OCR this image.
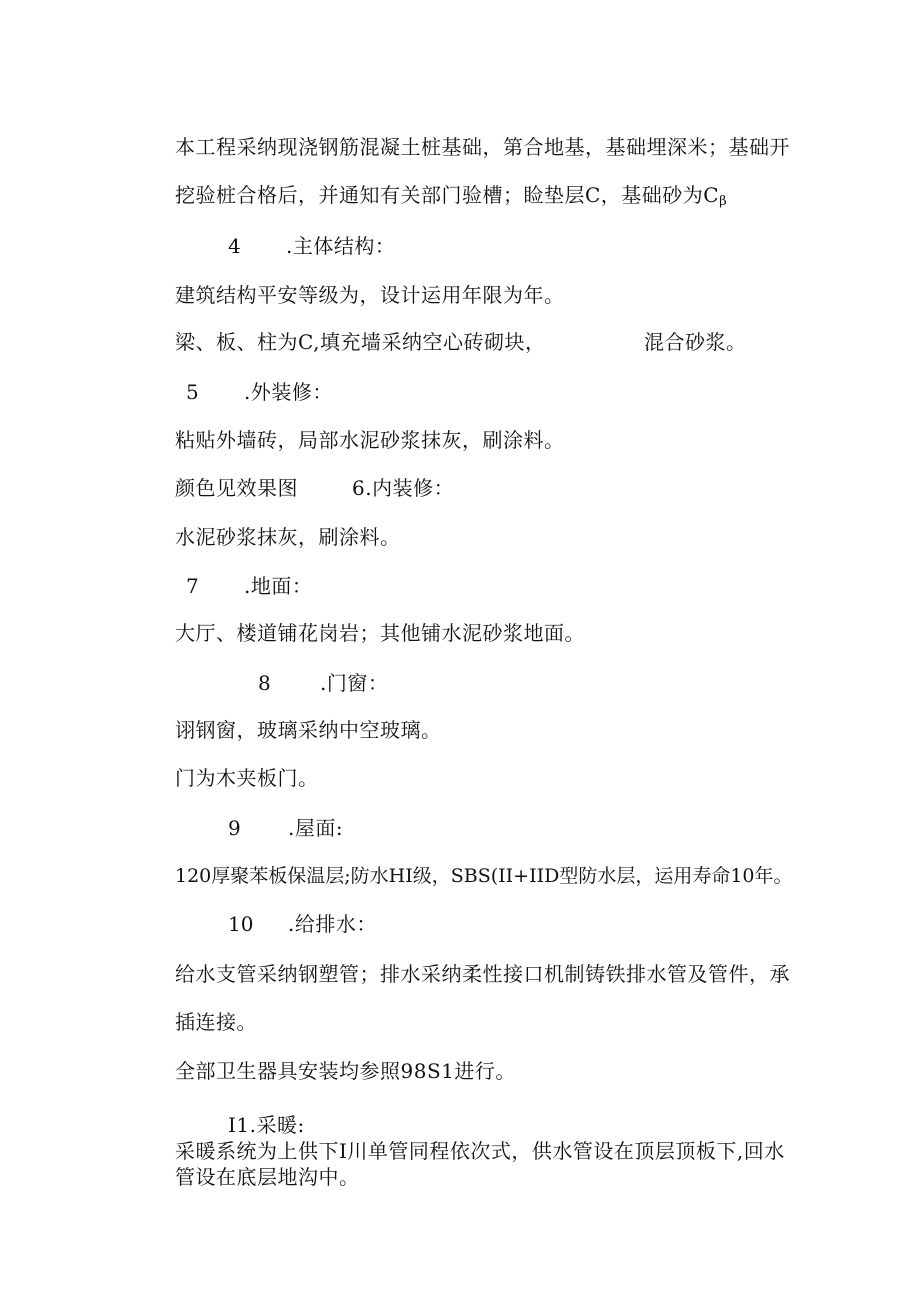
本工程采纳现浇钢筋混凝土桩基础，第合地基，基础埋深米；基础开
挖验桩合格后，并通知有关部门验槽；睑垫层C，基础砂为$C_\beta$
4 .主体结构：
建筑结构平安等级为，设计运用年限为年。
梁、板、柱为C,填充墙采纳空心砖砌块，	混合砂浆。
5 .外装修：
粘贴外墙砖，局部水泥砂浆抹灰，刷涂料。
颜色见效果图	6.内装修：
水泥砂浆抹灰，刷涂料。
7 .地面：
大厅、楼道铺花岗岩；其他铺水泥砂浆地面。
8 .门窗：
诩钢窗，玻璃采纳中空玻璃。
门为木夹板门。
9 .屋面:
120厚聚苯板保温层;防水HI级，SBS(II+IID型防水层，运用寿命10年。
10 .给排水：
给水支管采纳钢塑管；排水采纳柔性接口机制铸铁排水管及管件，承
插连接。
全部卫生器具安装均参照98S1进行。
I1.采暖:
采暖系统为上供下I川单管同程依次式，供水管设在顶层顶板下,回水
管设在底层地沟中。
